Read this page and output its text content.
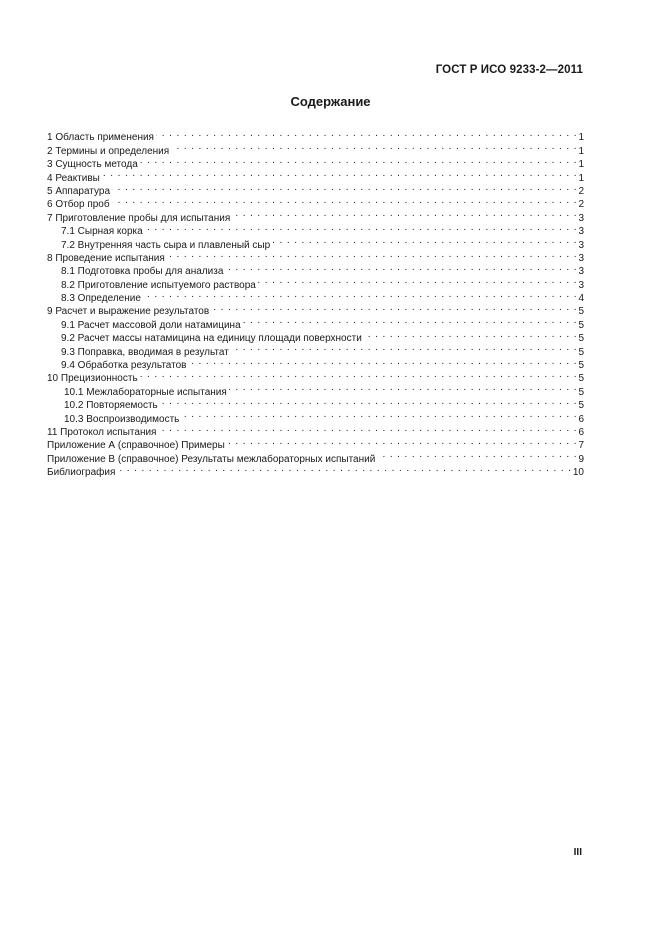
ГОСТ Р ИСО 9233-2—2011
Содержание
1 Область применения . . .	1
2 Термины и определения . . .	1
3 Сущность метода . . .	1
4 Реактивы . . .	1
5 Аппаратура . . .	2
6 Отбор проб . . .	2
7 Приготовление пробы для испытания . . .	3
7.1 Сырная корка . . .	3
7.2 Внутренняя часть сыра и плавленый сыр . . .	3
8 Проведение испытания . . .	3
8.1 Подготовка пробы для анализа . . .	3
8.2 Приготовление испытуемого раствора . . .	3
8.3 Определение . . .	4
9 Расчет и выражение результатов . . .	5
9.1 Расчет массовой доли натамицина . . .	5
9.2 Расчет массы натамицина на единицу площади поверхности . . .	5
9.3 Поправка, вводимая в результат . . .	5
9.4 Обработка результатов . . .	5
10 Прецизионность . . .	5
10.1 Межлабораторные испытания . . .	5
10.2 Повторяемость . . .	5
10.3 Воспроизводимость . . .	6
11 Протокол испытания . . .	6
Приложение А (справочное) Примеры . . .	7
Приложение В (справочное) Результаты межлабораторных испытаний . . .	9
Библиография . . .	10
III
